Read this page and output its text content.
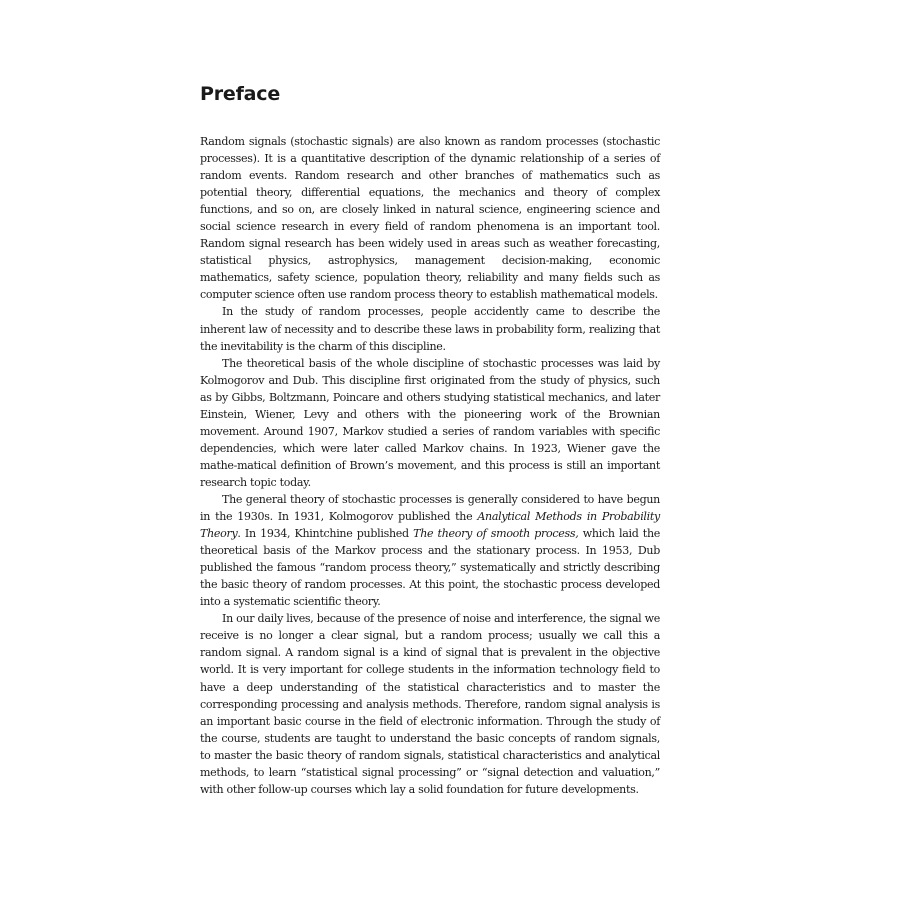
Preface

Random signals (stochastic signals) are also known as random processes (stochastic processes). It is a quantitative description of the dynamic relationship of a series of random events. Random research and other branches of mathematics such as potential theory, differential equations, the mechanics and theory of complex functions, and so on, are closely linked in natural science, engineering science and social science research in every field of random phenomena is an important tool. Random signal research has been widely used in areas such as weather forecasting, statistical physics, astrophysics, management decision-making, economic mathematics, safety science, population theory, reliability and many fields such as computer science often use random process theory to establish mathematical models.

In the study of random processes, people accidently came to describe the inherent law of necessity and to describe these laws in probability form, realizing that the inevitability is the charm of this discipline.

The theoretical basis of the whole discipline of stochastic processes was laid by Kolmogorov and Dub. This discipline first originated from the study of physics, such as by Gibbs, Boltzmann, Poincare and others studying statistical mechanics, and later Einstein, Wiener, Levy and others with the pioneering work of the Brownian movement. Around 1907, Markov studied a series of random variables with specific dependencies, which were later called Markov chains. In 1923, Wiener gave the mathe-matical definition of Brown’s movement, and this process is still an important research topic today.

The general theory of stochastic processes is generally considered to have begun in the 1930s. In 1931, Kolmogorov published the Analytical Methods in Probability Theory. In 1934, Khintchine published The theory of smooth process, which laid the theoretical basis of the Markov process and the stationary process. In 1953, Dub published the famous “random process theory,” systematically and strictly describing the basic theory of random processes. At this point, the stochastic process developed into a systematic scientific theory.

In our daily lives, because of the presence of noise and interference, the signal we receive is no longer a clear signal, but a random process; usually we call this a random signal. A random signal is a kind of signal that is prevalent in the objective world. It is very important for college students in the information technology field to have a deep understanding of the statistical characteristics and to master the corresponding processing and analysis methods. Therefore, random signal analysis is an important basic course in the field of electronic information. Through the study of the course, students are taught to understand the basic concepts of random signals, to master the basic theory of random signals, statistical characteristics and analytical methods, to learn “statistical signal processing” or “signal detection and valuation,” with other follow-up courses which lay a solid foundation for future developments.
